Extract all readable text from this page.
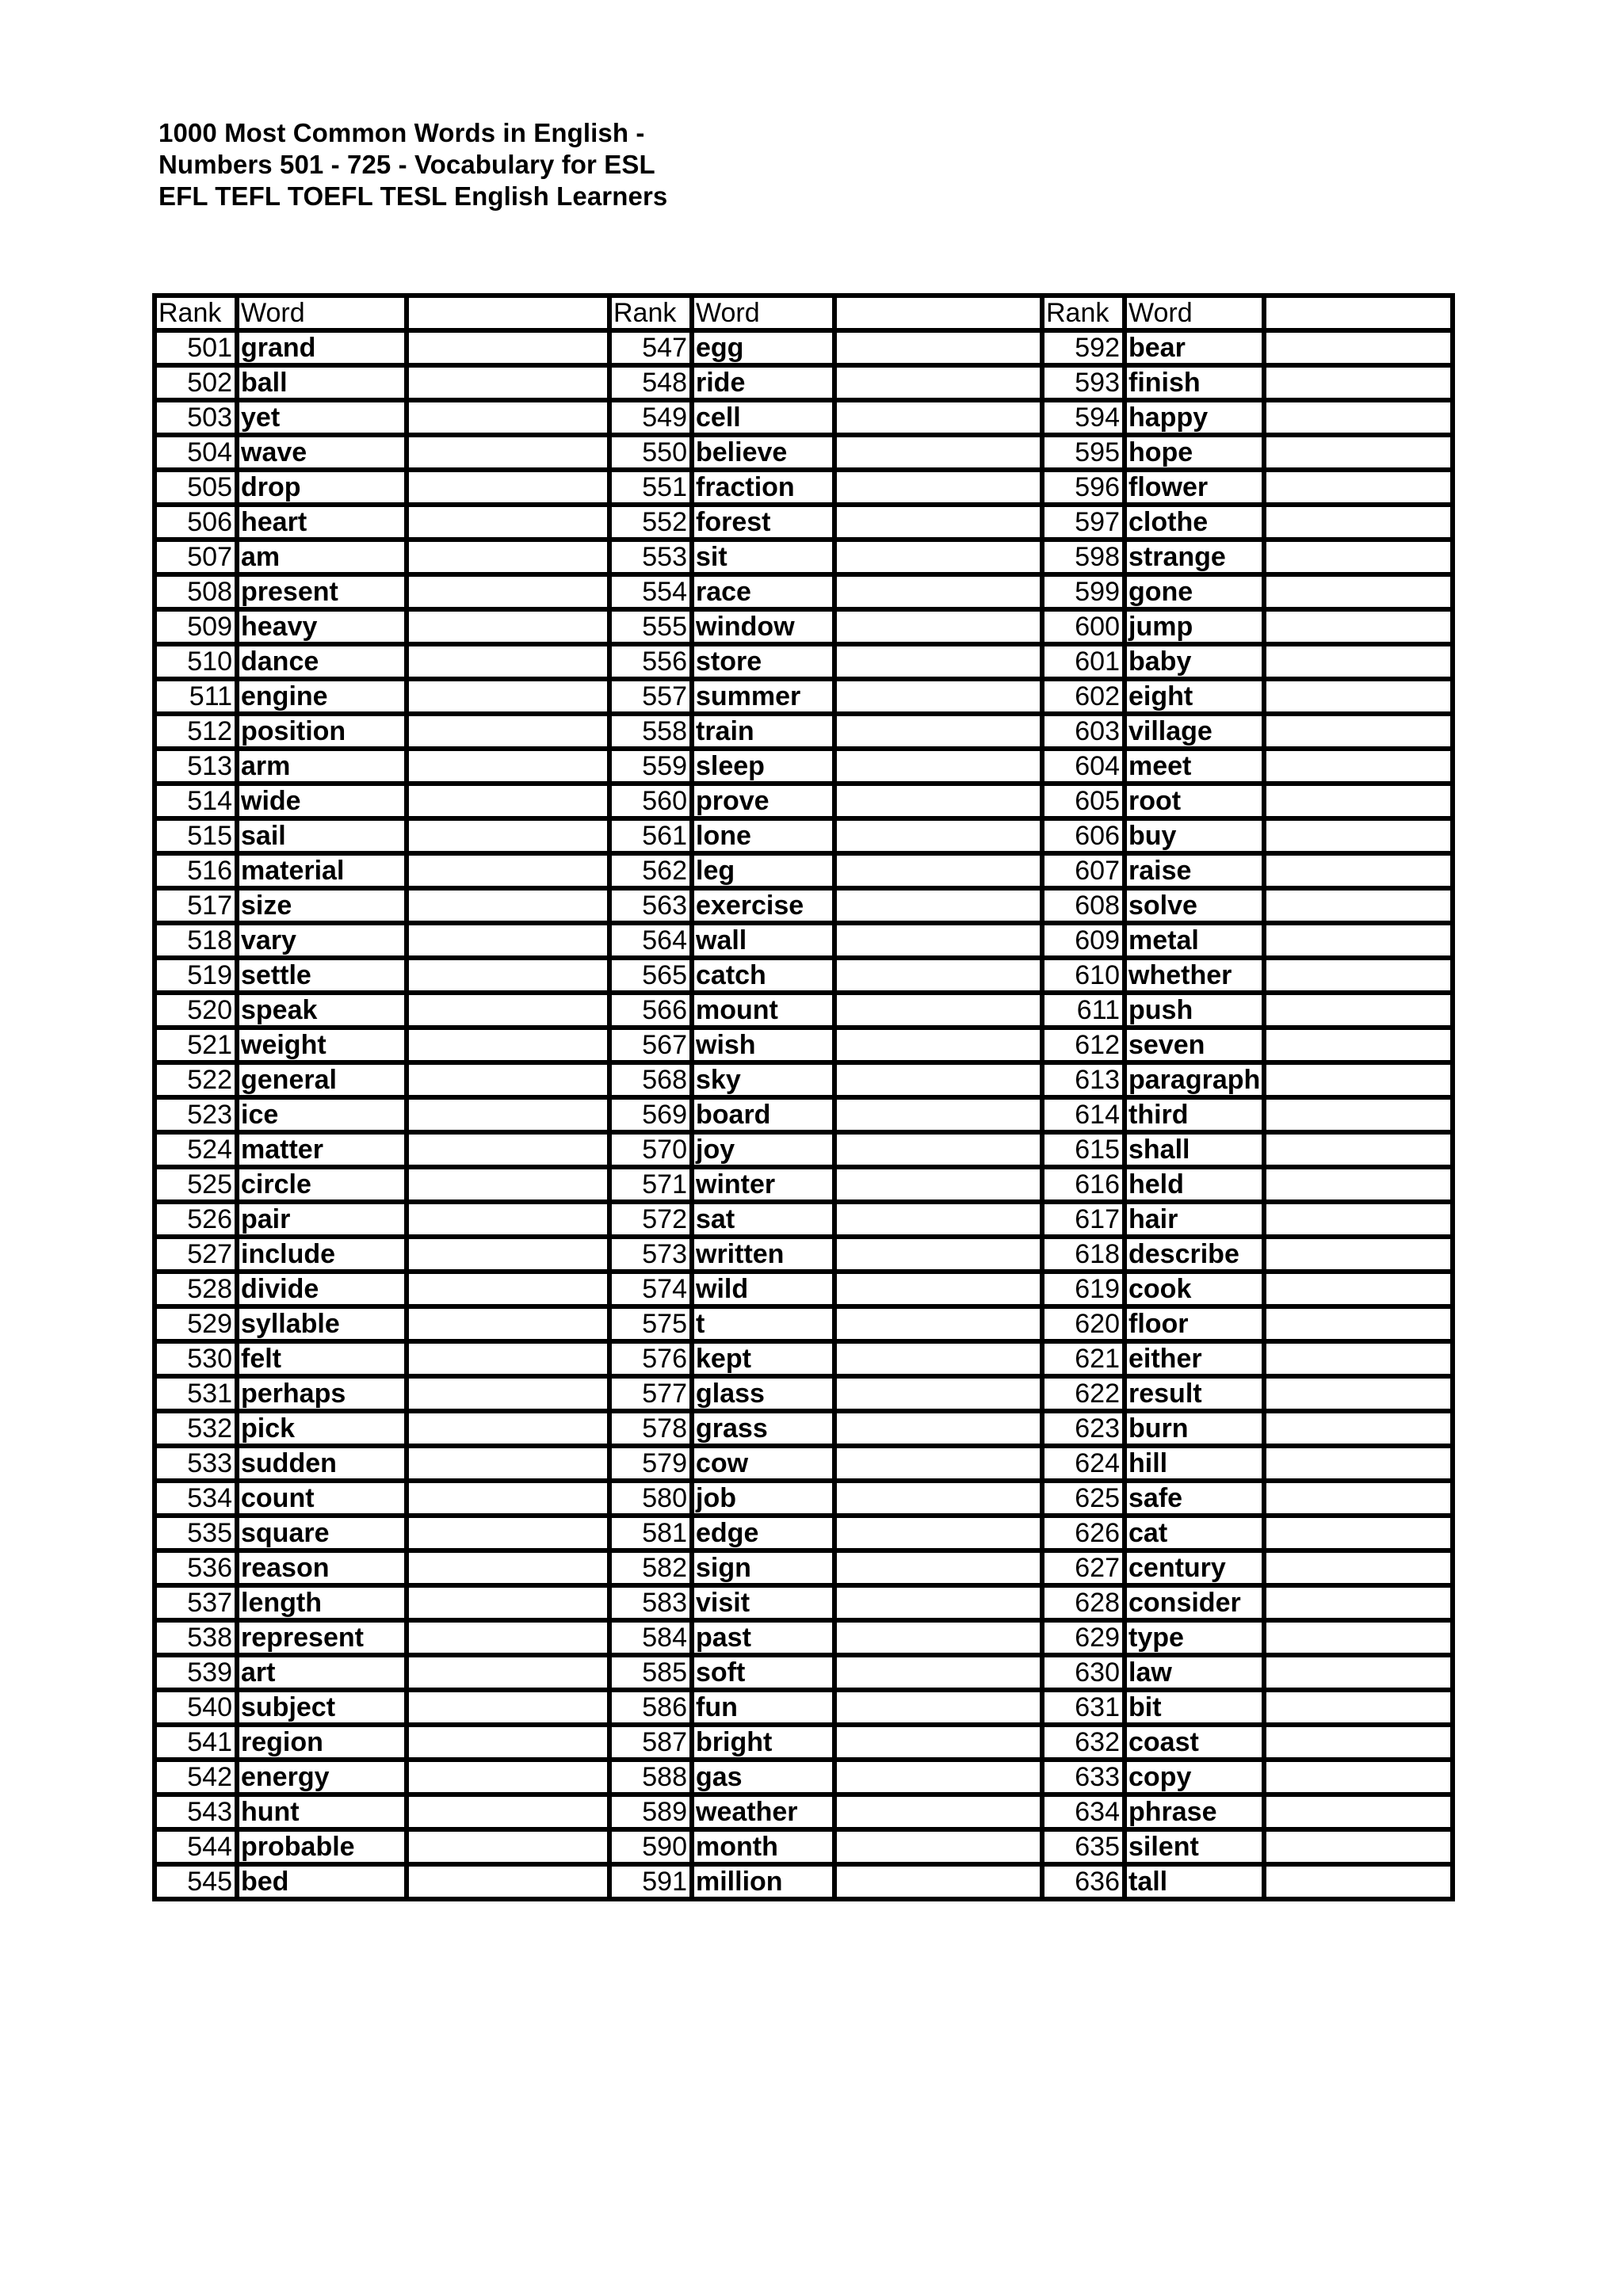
1000 Most Common Words in English -
Numbers 501 - 725 - Vocabulary for ESL
EFL TEFL TOEFL TESL English Learners
Rank	Word		Rank	Word		Rank	Word	
501	grand		547	egg		592	bear	
502	ball		548	ride		593	finish	
503	yet		549	cell		594	happy	
504	wave		550	believe		595	hope	
505	drop		551	fraction		596	flower	
506	heart		552	forest		597	clothe	
507	am		553	sit		598	strange	
508	present		554	race		599	gone	
509	heavy		555	window		600	jump	
510	dance		556	store		601	baby	
511	engine		557	summer		602	eight	
512	position		558	train		603	village	
513	arm		559	sleep		604	meet	
514	wide		560	prove		605	root	
515	sail		561	lone		606	buy	
516	material		562	leg		607	raise	
517	size		563	exercise		608	solve	
518	vary		564	wall		609	metal	
519	settle		565	catch		610	whether	
520	speak		566	mount		611	push	
521	weight		567	wish		612	seven	
522	general		568	sky		613	paragraph	
523	ice		569	board		614	third	
524	matter		570	joy		615	shall	
525	circle		571	winter		616	held	
526	pair		572	sat		617	hair	
527	include		573	written		618	describe	
528	divide		574	wild		619	cook	
529	syllable		575	t		620	floor	
530	felt		576	kept		621	either	
531	perhaps		577	glass		622	result	
532	pick		578	grass		623	burn	
533	sudden		579	cow		624	hill	
534	count		580	job		625	safe	
535	square		581	edge		626	cat	
536	reason		582	sign		627	century	
537	length		583	visit		628	consider	
538	represent		584	past		629	type	
539	art		585	soft		630	law	
540	subject		586	fun		631	bit	
541	region		587	bright		632	coast	
542	energy		588	gas		633	copy	
543	hunt		589	weather		634	phrase	
544	probable		590	month		635	silent	
545	bed		591	million		636	tall	
